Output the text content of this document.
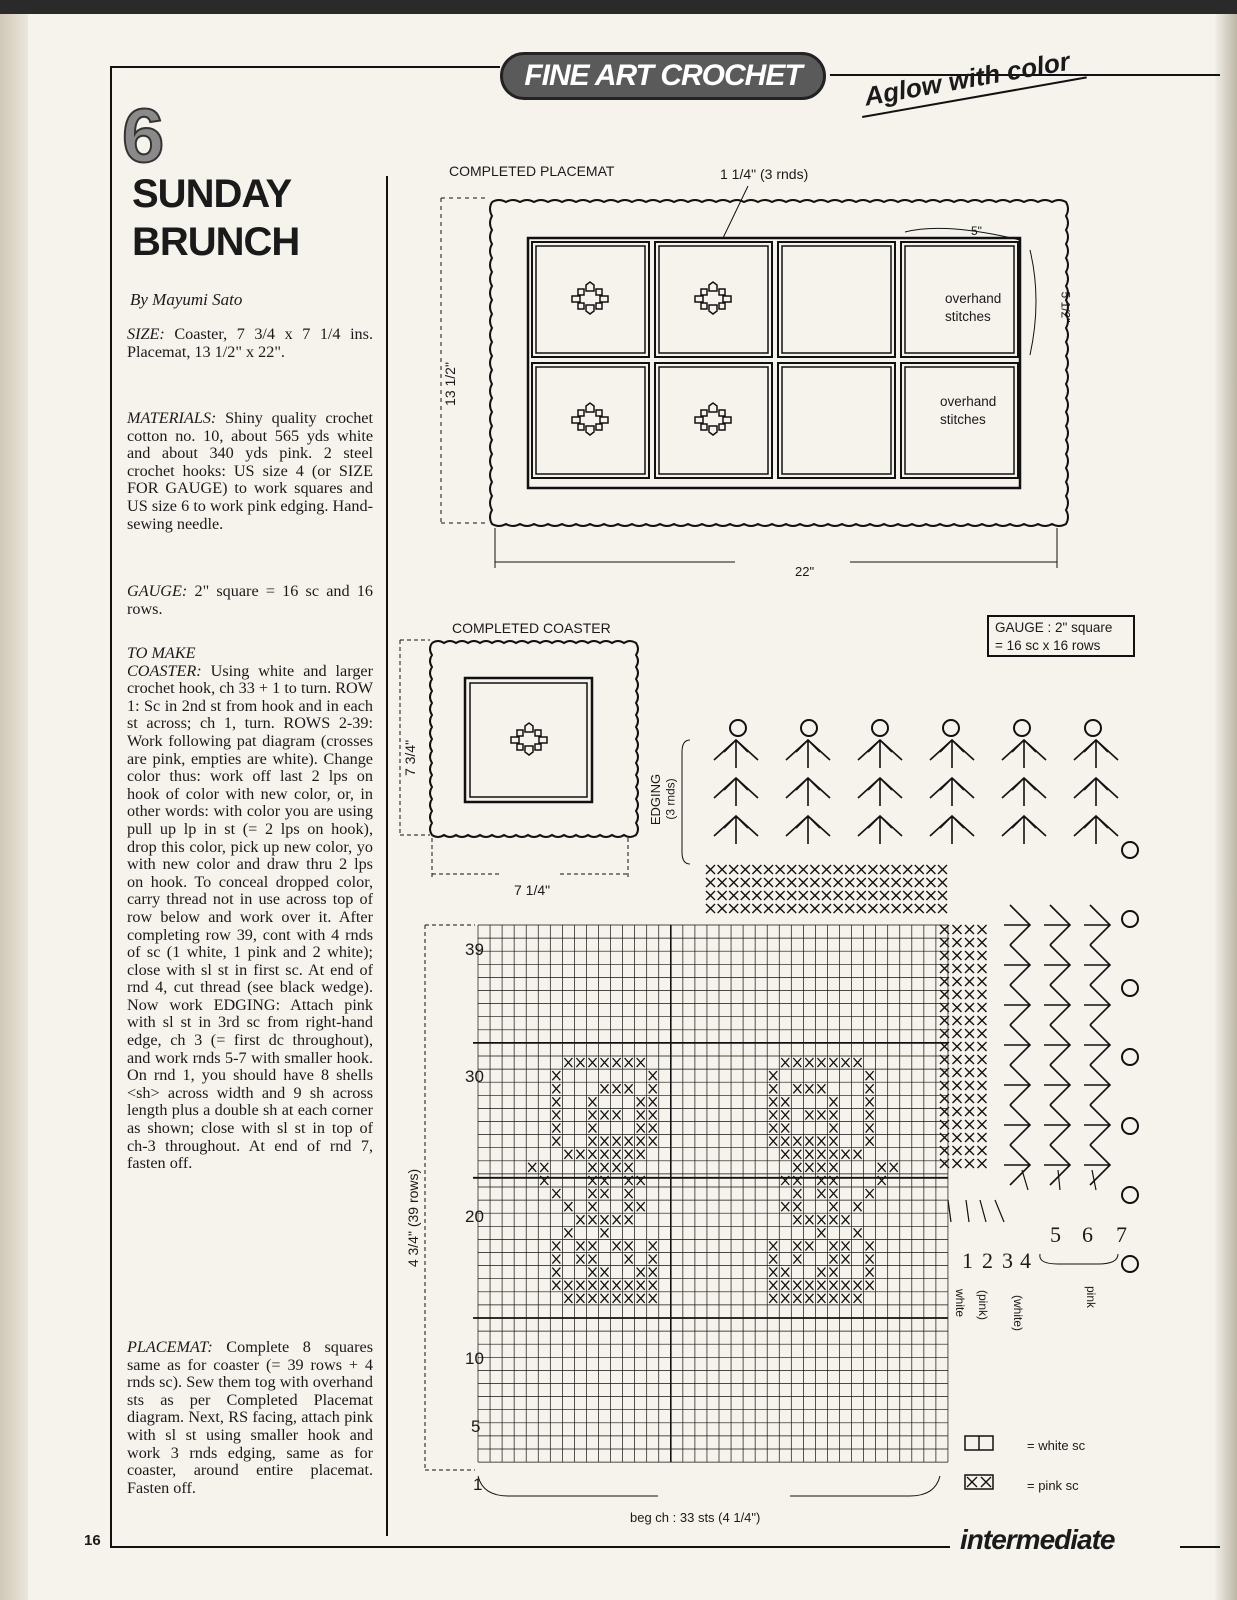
FINE ART CROCHET	Aglow with color
6
SUNDAY
BRUNCH
By Mayumi Sato
SIZE: Coaster, 7 3/4 x 7 1/4 ins. Placemat, 13 1/2" x 22".
MATERIALS: Shiny quality crochet cotton no. 10, about 565 yds white and about 340 yds pink. 2 steel crochet hooks: US size 4 (or SIZE FOR GAUGE) to work squares and US size 6 to work pink edging. Hand-sewing needle.
GAUGE: 2" square = 16 sc and 16 rows.
TO MAKE
COASTER: Using white and larger crochet hook, ch 33 + 1 to turn. ROW 1: Sc in 2nd st from hook and in each st across; ch 1, turn. ROWS 2-39: Work following pat diagram (crosses are pink, empties are white). Change color thus: work off last 2 lps on hook of color with new color, or, in other words: with color you are using pull up lp in st (= 2 lps on hook), drop this color, pick up new color, yo with new color and draw thru 2 lps on hook. To conceal dropped color, carry thread not in use across top of row below and work over it. After completing row 39, cont with 4 rnds of sc (1 white, 1 pink and 2 white); close with sl st in first sc. At end of rnd 4, cut thread (see black wedge). Now work EDGING: Attach pink with sl st in 3rd sc from right-hand edge, ch 3 (= first dc throughout), and work rnds 5-7 with smaller hook. On rnd 1, you should have 8 shells <sh> across width and 9 sh across length plus a double sh at each corner as shown; close with sl st in top of ch-3 throughout. At end of rnd 7, fasten off.
PLACEMAT: Complete 8 squares same as for coaster (= 39 rows + 4 rnds sc). Sew them tog with overhand sts as per Completed Placemat diagram. Next, RS facing, attach pink with sl st using smaller hook and work 3 rnds edging, same as for coaster, around entire placemat. Fasten off.
16	intermediate
COMPLETED PLACEMAT	1 1/4" (3 rnds)
5"
5 1/2"
13 1/2"
22"
overhand
stitches
overhand
stitches
COMPLETED COASTER
7 3/4"
7 1/4"
GAUGE : 2" square
= 16 sc x 16 rows
EDGING (3 rnds)
4 3/4" (39 rows)
beg ch : 33 sts (4 1/4")
39
30
20
10
5
1
1 2 3 4
5 6 7
white (pink) (white)	pink
= white sc
= pink sc
